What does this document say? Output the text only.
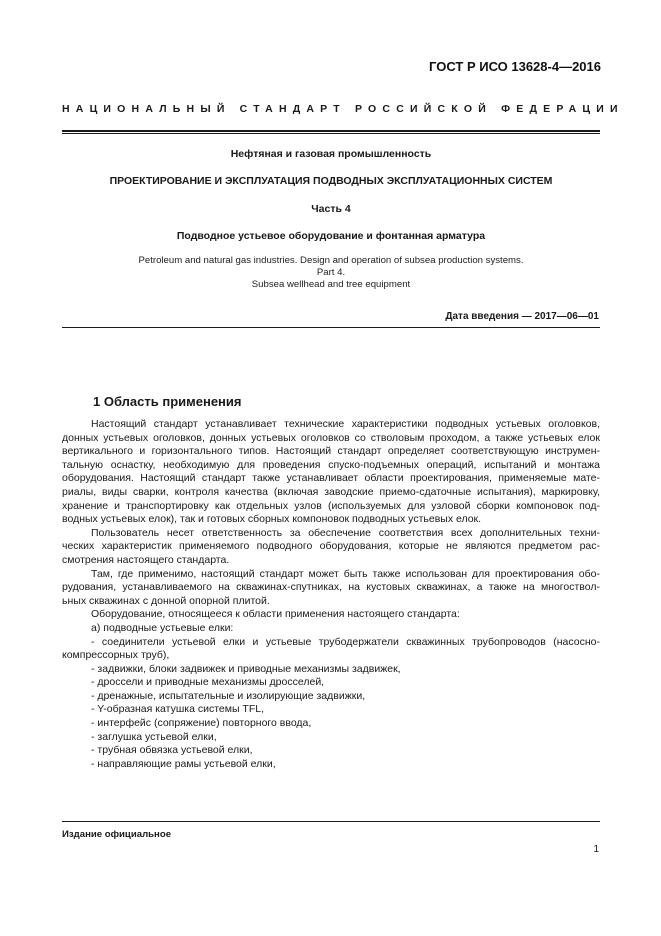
ГОСТ Р ИСО 13628-4—2016
НАЦИОНАЛЬНЫЙ СТАНДАРТ РОССИЙСКОЙ ФЕДЕРАЦИИ
Нефтяная и газовая промышленность
ПРОЕКТИРОВАНИЕ И ЭКСПЛУАТАЦИЯ ПОДВОДНЫХ ЭКСПЛУАТАЦИОННЫХ СИСТЕМ
Часть 4
Подводное устьевое оборудование и фонтанная арматура
Petroleum and natural gas industries. Design and operation of subsea production systems.
Part 4.
Subsea wellhead and tree equipment
Дата введения — 2017—06—01
1 Область применения
Настоящий стандарт устанавливает технические характеристики подводных устьевых оголовков,
донных устьевых оголовков, донных устьевых оголовков со стволовым проходом, а также устьевых елок
вертикального и горизонтального типов. Настоящий стандарт определяет соответствующую инструмен-
тальную оснастку, необходимую для проведения спуско-подъемных операций, испытаний и монтажа
оборудования. Настоящий стандарт также устанавливает области проектирования, применяемые мате-
риалы, виды сварки, контроля качества (включая заводские приемо-сдаточные испытания), маркировку,
хранение и транспортировку как отдельных узлов (используемых для узловой сборки компоновок под-
водных устьевых елок), так и готовых сборных компоновок подводных устьевых елок.
Пользователь несет ответственность за обеспечение соответствия всех дополнительных техни-
ческих характеристик применяемого подводного оборудования, которые не являются предметом рас-
смотрения настоящего стандарта.
Там, где применимо, настоящий стандарт может быть также использован для проектирования обо-
рудования, устанавливаемого на скважинах-спутниках, на кустовых скважинах, а также на многоствол-
ьных скважинах с донной опорной плитой.
Оборудование, относящееся к области применения настоящего стандарта:
а) подводные устьевые елки:
- соединители устьевой елки и устьевые трубодержатели скважинных трубопроводов (насосно-
компрессорных труб),
- задвижки, блоки задвижек и приводные механизмы задвижек,
- дроссели и приводные механизмы дросселей,
- дренажные, испытательные и изолирующие задвижки,
- Y-образная катушка системы TFL,
- интерфейс (сопряжение) повторного ввода,
- заглушка устьевой елки,
- трубная обвязка устьевой елки,
- направляющие рамы устьевой елки,
Издание официальное
1
